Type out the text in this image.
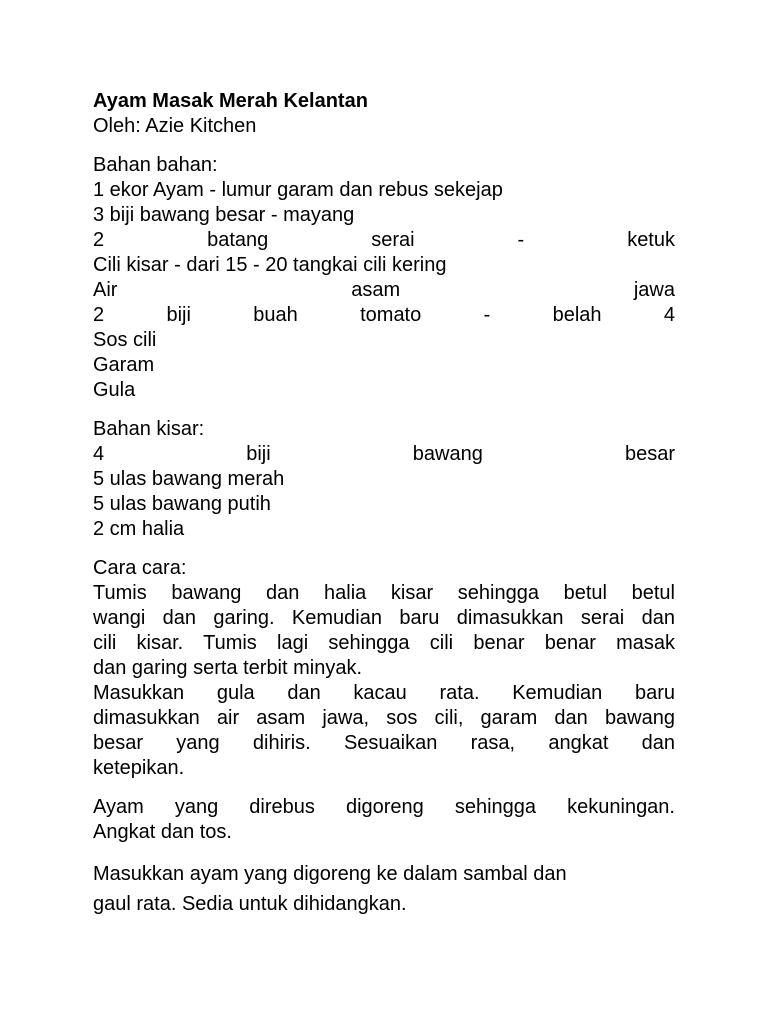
Ayam Masak Merah Kelantan
Oleh: Azie Kitchen
Bahan bahan:
1 ekor Ayam - lumur garam dan rebus sekejap
3 biji bawang besar - mayang
2 batang serai - ketuk
Cili kisar - dari 15 - 20 tangkai cili kering
Air asam jawa
2 biji buah tomato - belah 4
Sos cili
Garam
Gula
Bahan kisar:
4 biji bawang besar
5 ulas bawang merah
5 ulas bawang putih
2 cm halia
Cara cara:
Tumis bawang dan halia kisar sehingga betul betul
wangi dan garing. Kemudian baru dimasukkan serai dan
cili kisar. Tumis lagi sehingga cili benar benar masak
dan garing serta terbit minyak.
Masukkan gula dan kacau rata. Kemudian baru
dimasukkan air asam jawa, sos cili, garam dan bawang
besar yang dihiris. Sesuaikan rasa, angkat dan
ketepikan.
Ayam yang direbus digoreng sehingga kekuningan.
Angkat dan tos.
Masukkan ayam yang digoreng ke dalam sambal dan
gaul rata. Sedia untuk dihidangkan.
